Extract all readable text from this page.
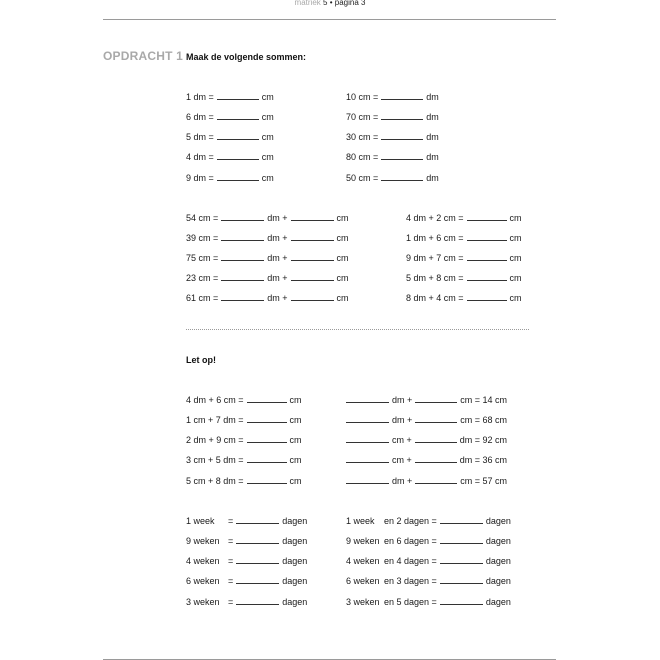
matriek 5 • pagina 3
OPDRACHT 1 Maak de volgende sommen:
1 dm =	cm
6 dm =	cm
5 dm =	cm
4 dm =	cm
9 dm =	cm
10 cm =	dm
70 cm =	dm
30 cm =	dm
80 cm =	dm
50 cm =	dm
54 cm =	dm +	cm
39 cm =	dm +	cm
75 cm =	dm +	cm
23 cm =	dm +	cm
61 cm =	dm +	cm
4 dm + 2 cm =	cm
1 dm + 6 cm =	cm
9 dm + 7 cm =	cm
5 dm + 8 cm =	cm
8 dm + 4 cm =	cm
Let op!
4 dm + 6 cm =	cm
1 cm + 7 dm =	cm
2 dm + 9 cm =	cm
3 cm + 5 dm =	cm
5 cm + 8 dm =	cm
dm +	cm = 14 cm
dm +	cm = 68 cm
cm +	dm = 92 cm
cm +	dm = 36 cm
dm +	cm = 57 cm
1 week =	dagen
9 weken =	dagen
4 weken =	dagen
6 weken =	dagen
3 weken =	dagen
1 week en 2 dagen =	dagen
9 weken en 6 dagen =	dagen
4 weken en 4 dagen =	dagen
6 weken en 3 dagen =	dagen
3 weken en 5 dagen =	dagen
